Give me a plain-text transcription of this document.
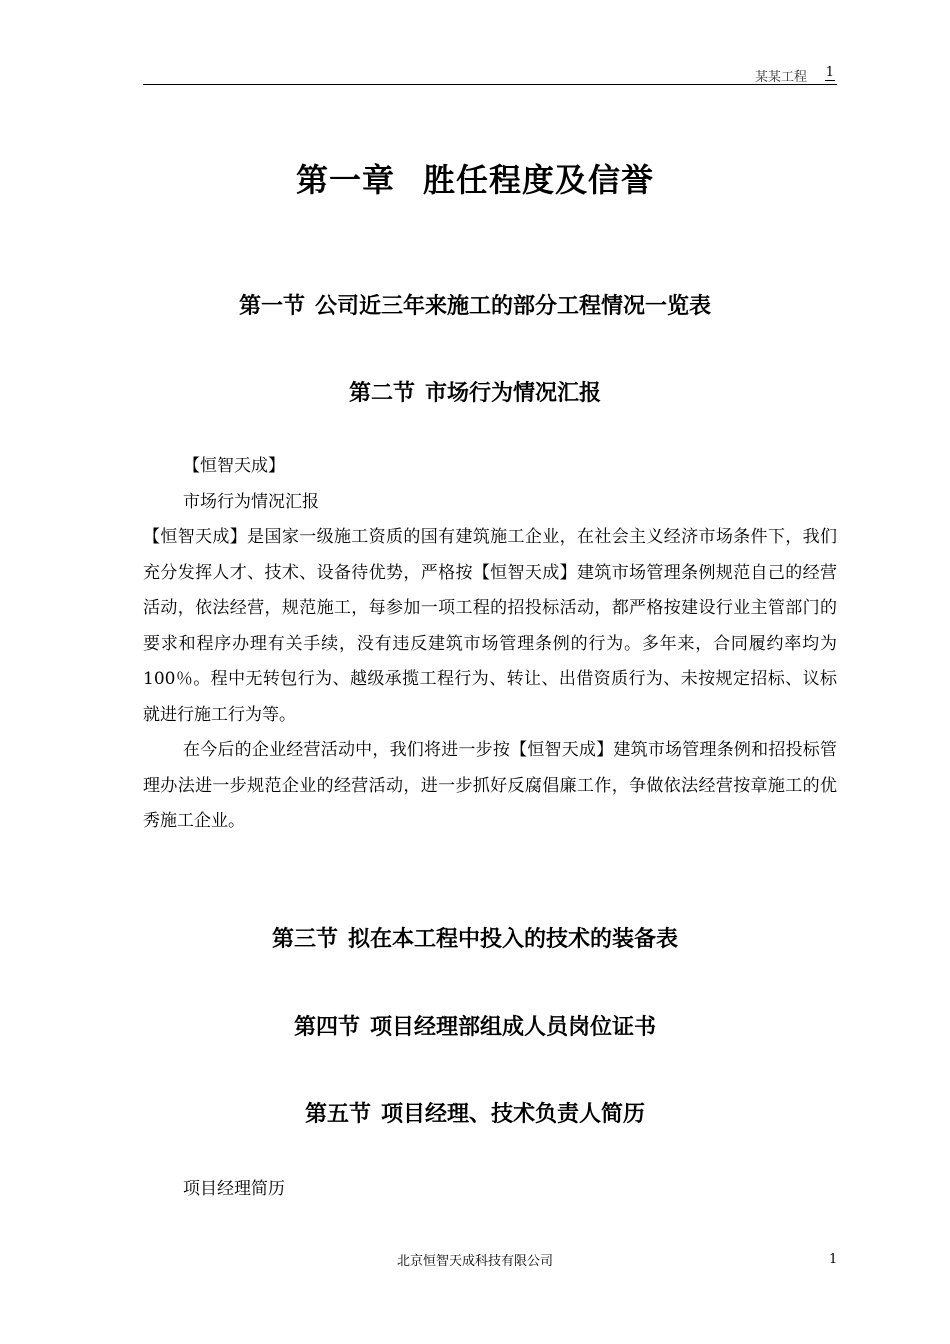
某某工程 1
第一章 胜任程度及信誉
第一节 公司近三年来施工的部分工程情况一览表
第二节 市场行为情况汇报
【恒智天成】
市场行为情况汇报
【恒智天成】是国家一级施工资质的国有建筑施工企业，在社会主义经济市场条件下，我们充分发挥人才、技术、设备待优势，严格按【恒智天成】建筑市场管理条例规范自己的经营活动，依法经营，规范施工，每参加一项工程的招投标活动，都严格按建设行业主管部门的要求和程序办理有关手续，没有违反建筑市场管理条例的行为。多年来，合同履约率均为100％。程中无转包行为、越级承揽工程行为、转让、出借资质行为、未按规定招标、议标就进行施工行为等。
在今后的企业经营活动中，我们将进一步按【恒智天成】建筑市场管理条例和招投标管理办法进一步规范企业的经营活动，进一步抓好反腐倡廉工作，争做依法经营按章施工的优秀施工企业。
第三节 拟在本工程中投入的技术的装备表
第四节 项目经理部组成人员岗位证书
第五节 项目经理、技术负责人简历
项目经理简历
北京恒智天成科技有限公司	1
